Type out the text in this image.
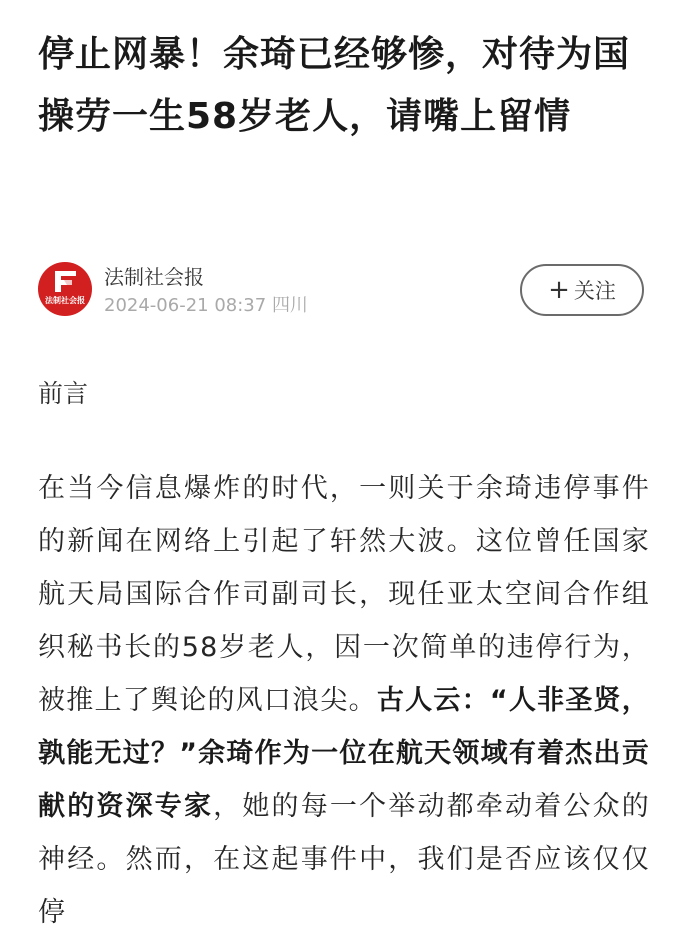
停止网暴！余琦已经够惨，对待为国操劳一生58岁老人，请嘴上留情
法制社会报
法制社会报
2024-06-21 08:37 四川
+ 关注
前言

在当今信息爆炸的时代，一则关于余琦违停事件的新闻在网络上引起了轩然大波。这位曾任国家航天局国际合作司副司长，现任亚太空间合作组织秘书长的58岁老人，因一次简单的违停行为，被推上了舆论的风口浪尖。古人云：“人非圣贤，孰能无过？”余琦作为一位在航天领域有着杰出贡献的资深专家，她的每一个举动都牵动着公众的神经。然而，在这起事件中，我们是否应该仅仅停
